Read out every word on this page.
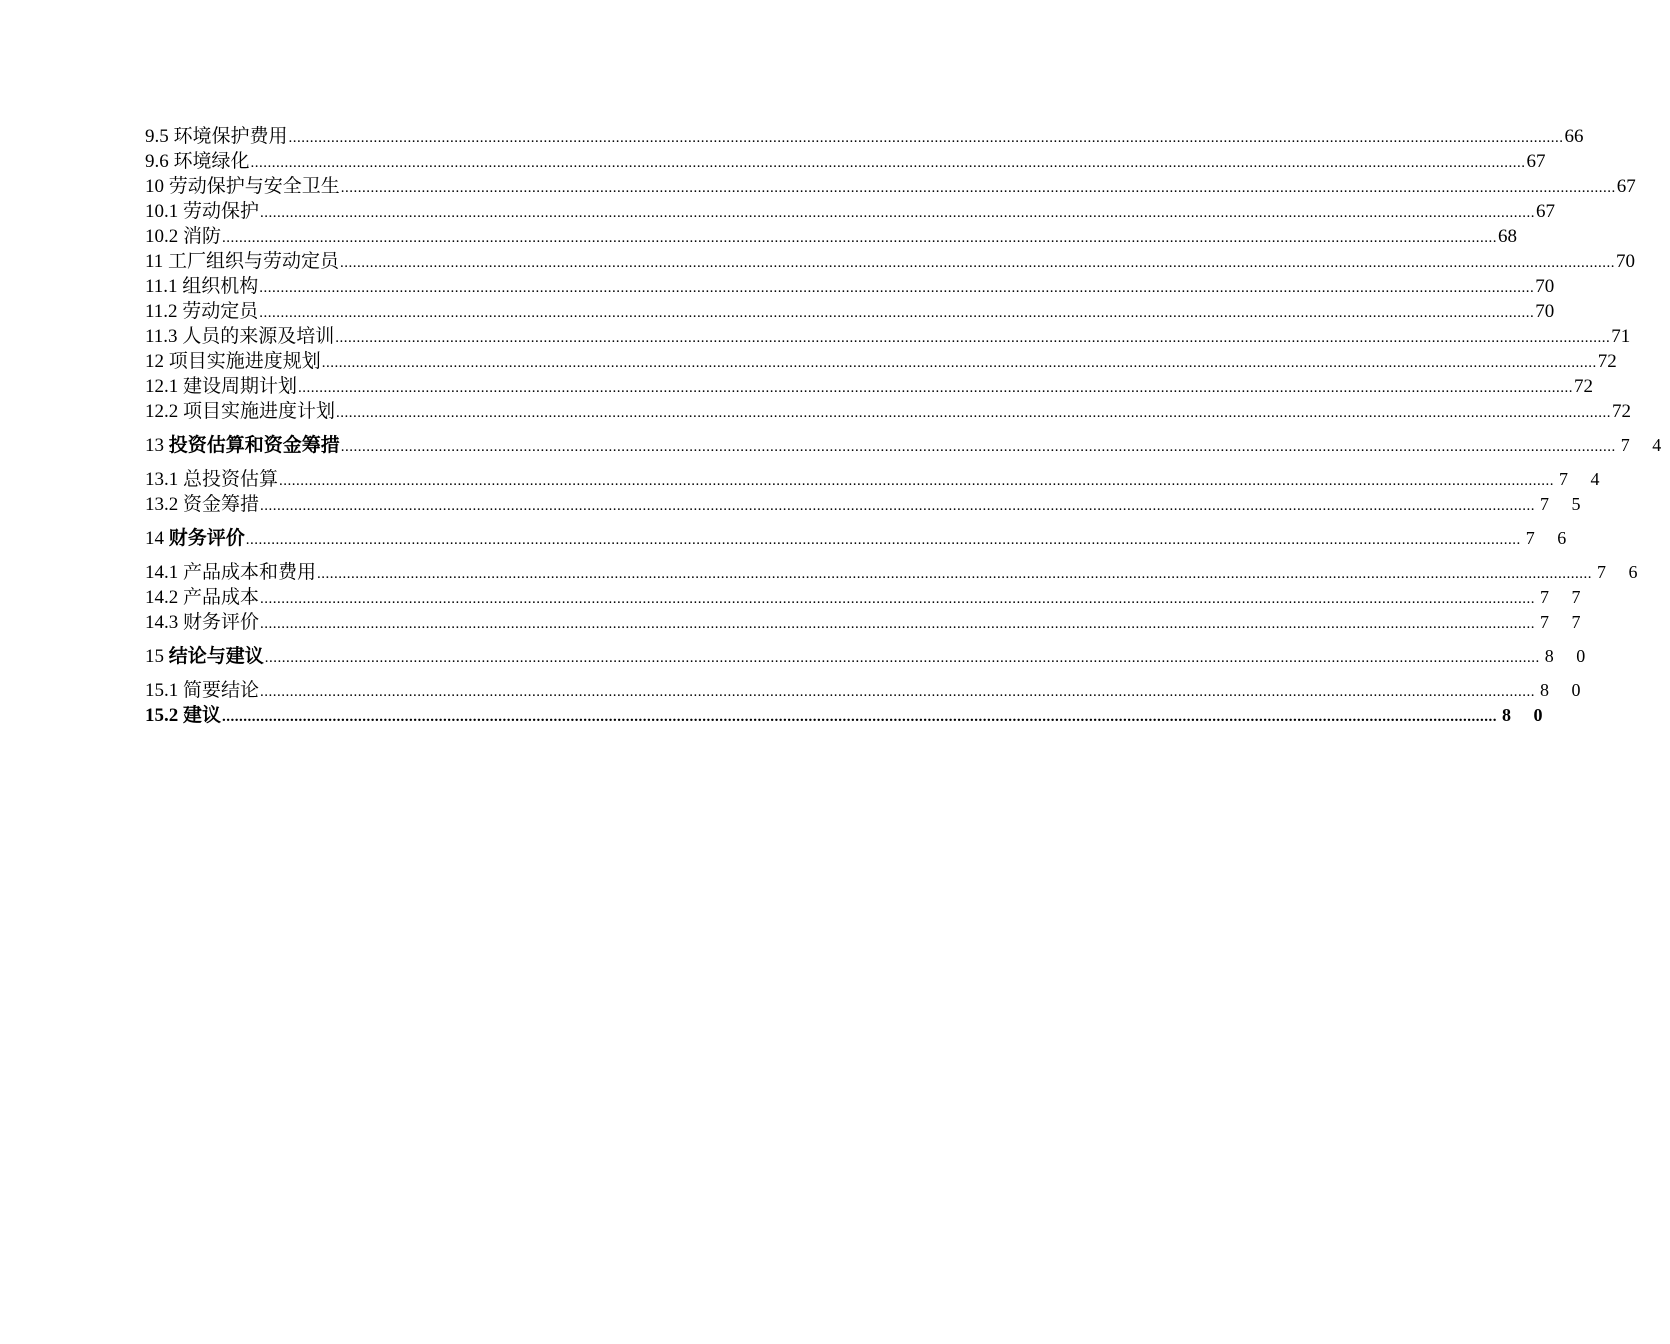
9.5 环境保护费用 ............................................................................................................................................................................................................................................................................................................ 66
9.6 环境绿化 ............................................................................................................................................................................................................................................................................................................ 67
10 劳动保护与安全卫生 ............................................................................................................................................................................................................................................................................................................ 67
10.1 劳动保护 ............................................................................................................................................................................................................................................................................................................ 67
10.2 消防 ............................................................................................................................................................................................................................................................................................................ 68
11 工厂组织与劳动定员 ............................................................................................................................................................................................................................................................................................................ 70
11.1 组织机构 ............................................................................................................................................................................................................................................................................................................ 70
11.2 劳动定员 ............................................................................................................................................................................................................................................................................................................ 70
11.3 人员的来源及培训 ............................................................................................................................................................................................................................................................................................................ 71
12 项目实施进度规划 ............................................................................................................................................................................................................................................................................................................ 72
12.1 建设周期计划 ............................................................................................................................................................................................................................................................................................................ 72
12.2 项目实施进度计划 ............................................................................................................................................................................................................................................................................................................ 72
13 投资估算和资金筹措 ............................................................................................................................................................................................................................................................................................................ 7 4
13.1 总投资估算 ............................................................................................................................................................................................................................................................................................................ 7 4
13.2 资金筹措 ............................................................................................................................................................................................................................................................................................................ 7 5
14 财务评价 ............................................................................................................................................................................................................................................................................................................ 7 6
14.1 产品成本和费用 ............................................................................................................................................................................................................................................................................................................ 7 6
14.2 产品成本 ............................................................................................................................................................................................................................................................................................................ 7 7
14.3 财务评价 ............................................................................................................................................................................................................................................................................................................ 7 7
15 结论与建议 ............................................................................................................................................................................................................................................................................................................ 8 0
15.1 简要结论 ............................................................................................................................................................................................................................................................................................................ 8 0
15.2 建议 ............................................................................................................................................................................................................................................................................................................ 8 0
